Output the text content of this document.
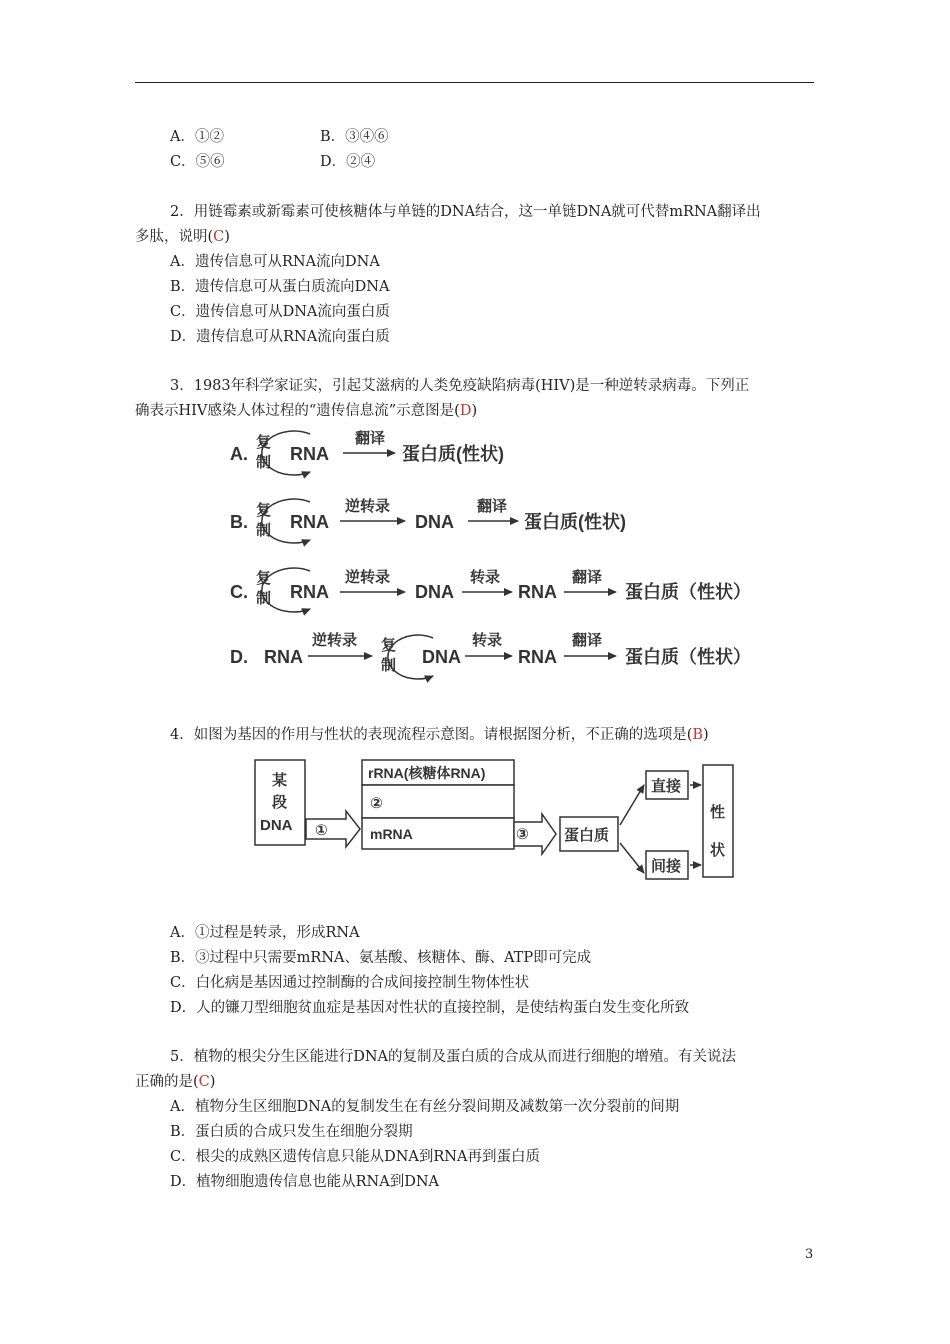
A．①②	B．③④⑥
C．⑤⑥	D．②④
2．用链霉素或新霉素可使核糖体与单链的DNA结合，这一单链DNA就可代替mRNA翻译出
多肽，说明(C)
A．遗传信息可从RNA流向DNA
B．遗传信息可从蛋白质流向DNA
C．遗传信息可从DNA流向蛋白质
D．遗传信息可从RNA流向蛋白质
3．1983年科学家证实，引起艾滋病的人类免疫缺陷病毒(HIV)是一种逆转录病毒。下列正
确表示HIV感染人体过程的“遗传信息流”示意图是(D)
A.
复
制 RNA
翻译
蛋白质(性状)
B.
复
制 RNA
逆转录
DNA
翻译
蛋白质(性状)
C.
复
制 RNA
逆转录
DNA
转录
RNA
翻译
蛋白质（性状）
D. RNA
逆转录 复
制 DNA
转录
RNA
翻译
蛋白质（性状）
4．如图为基因的作用与性状的表现流程示意图。请根据图分析，不正确的选项是(B)
某
段
DNA ①
rRNA(核糖体RNA)
②
mRNA	③ 蛋白质
直接
间接
性
状
A．①过程是转录，形成RNA
B．③过程中只需要mRNA、氨基酸、核糖体、酶、ATP即可完成
C．白化病是基因通过控制酶的合成间接控制生物体性状
D．人的镰刀型细胞贫血症是基因对性状的直接控制，是使结构蛋白发生变化所致
5．植物的根尖分生区能进行DNA的复制及蛋白质的合成从而进行细胞的增殖。有关说法
正确的是(C)
A．植物分生区细胞DNA的复制发生在有丝分裂间期及减数第一次分裂前的间期
B．蛋白质的合成只发生在细胞分裂期
C．根尖的成熟区遗传信息只能从DNA到RNA再到蛋白质
D．植物细胞遗传信息也能从RNA到DNA
3
